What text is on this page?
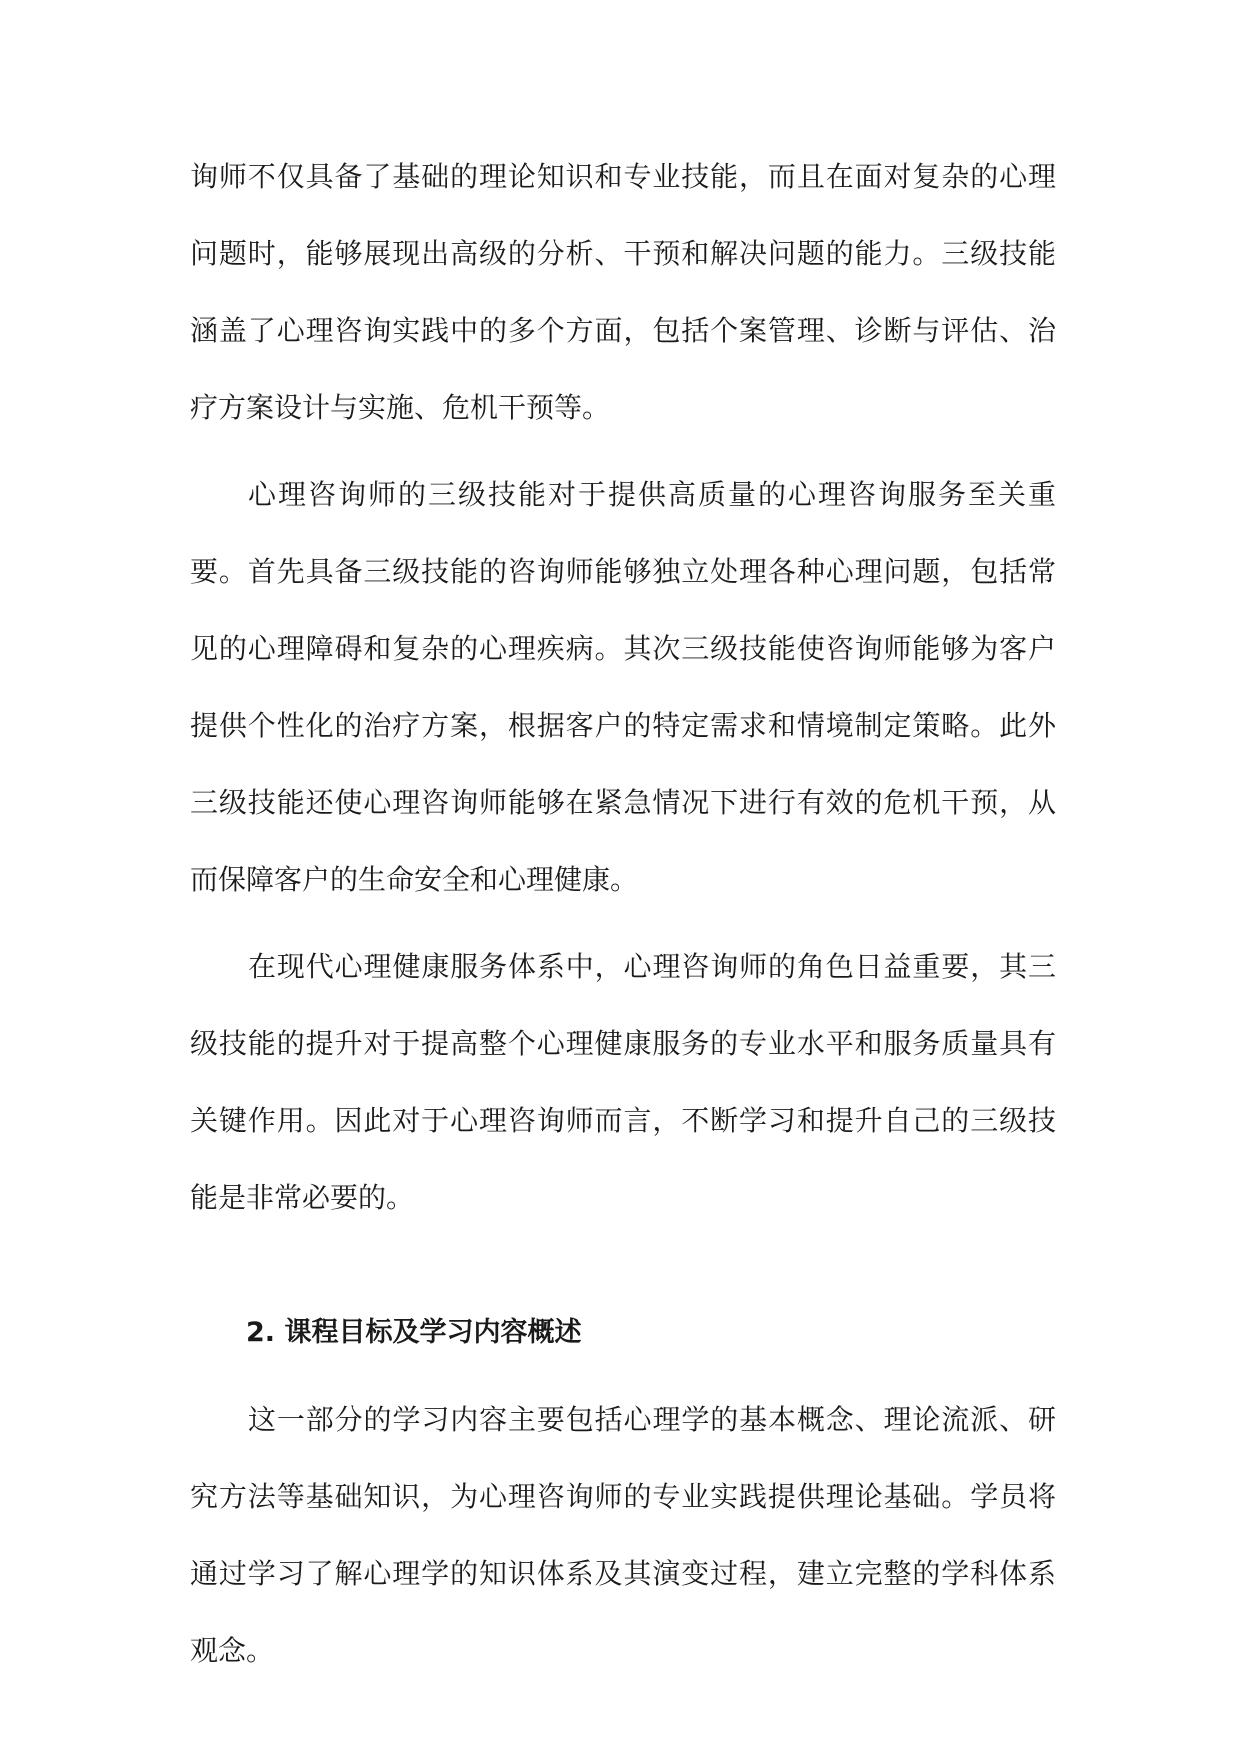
询师不仅具备了基础的理论知识和专业技能，而且在面对复杂的心理问题时，能够展现出高级的分析、干预和解决问题的能力。三级技能涵盖了心理咨询实践中的多个方面，包括个案管理、诊断与评估、治疗方案设计与实施、危机干预等。

心理咨询师的三级技能对于提供高质量的心理咨询服务至关重要。首先具备三级技能的咨询师能够独立处理各种心理问题，包括常见的心理障碍和复杂的心理疾病。其次三级技能使咨询师能够为客户提供个性化的治疗方案，根据客户的特定需求和情境制定策略。此外三级技能还使心理咨询师能够在紧急情况下进行有效的危机干预，从而保障客户的生命安全和心理健康。

在现代心理健康服务体系中，心理咨询师的角色日益重要，其三级技能的提升对于提高整个心理健康服务的专业水平和服务质量具有关键作用。因此对于心理咨询师而言，不断学习和提升自己的三级技能是非常必要的。

2. 课程目标及学习内容概述

这一部分的学习内容主要包括心理学的基本概念、理论流派、研究方法等基础知识，为心理咨询师的专业实践提供理论基础。学员将通过学习了解心理学的知识体系及其演变过程，建立完整的学科体系观念。
